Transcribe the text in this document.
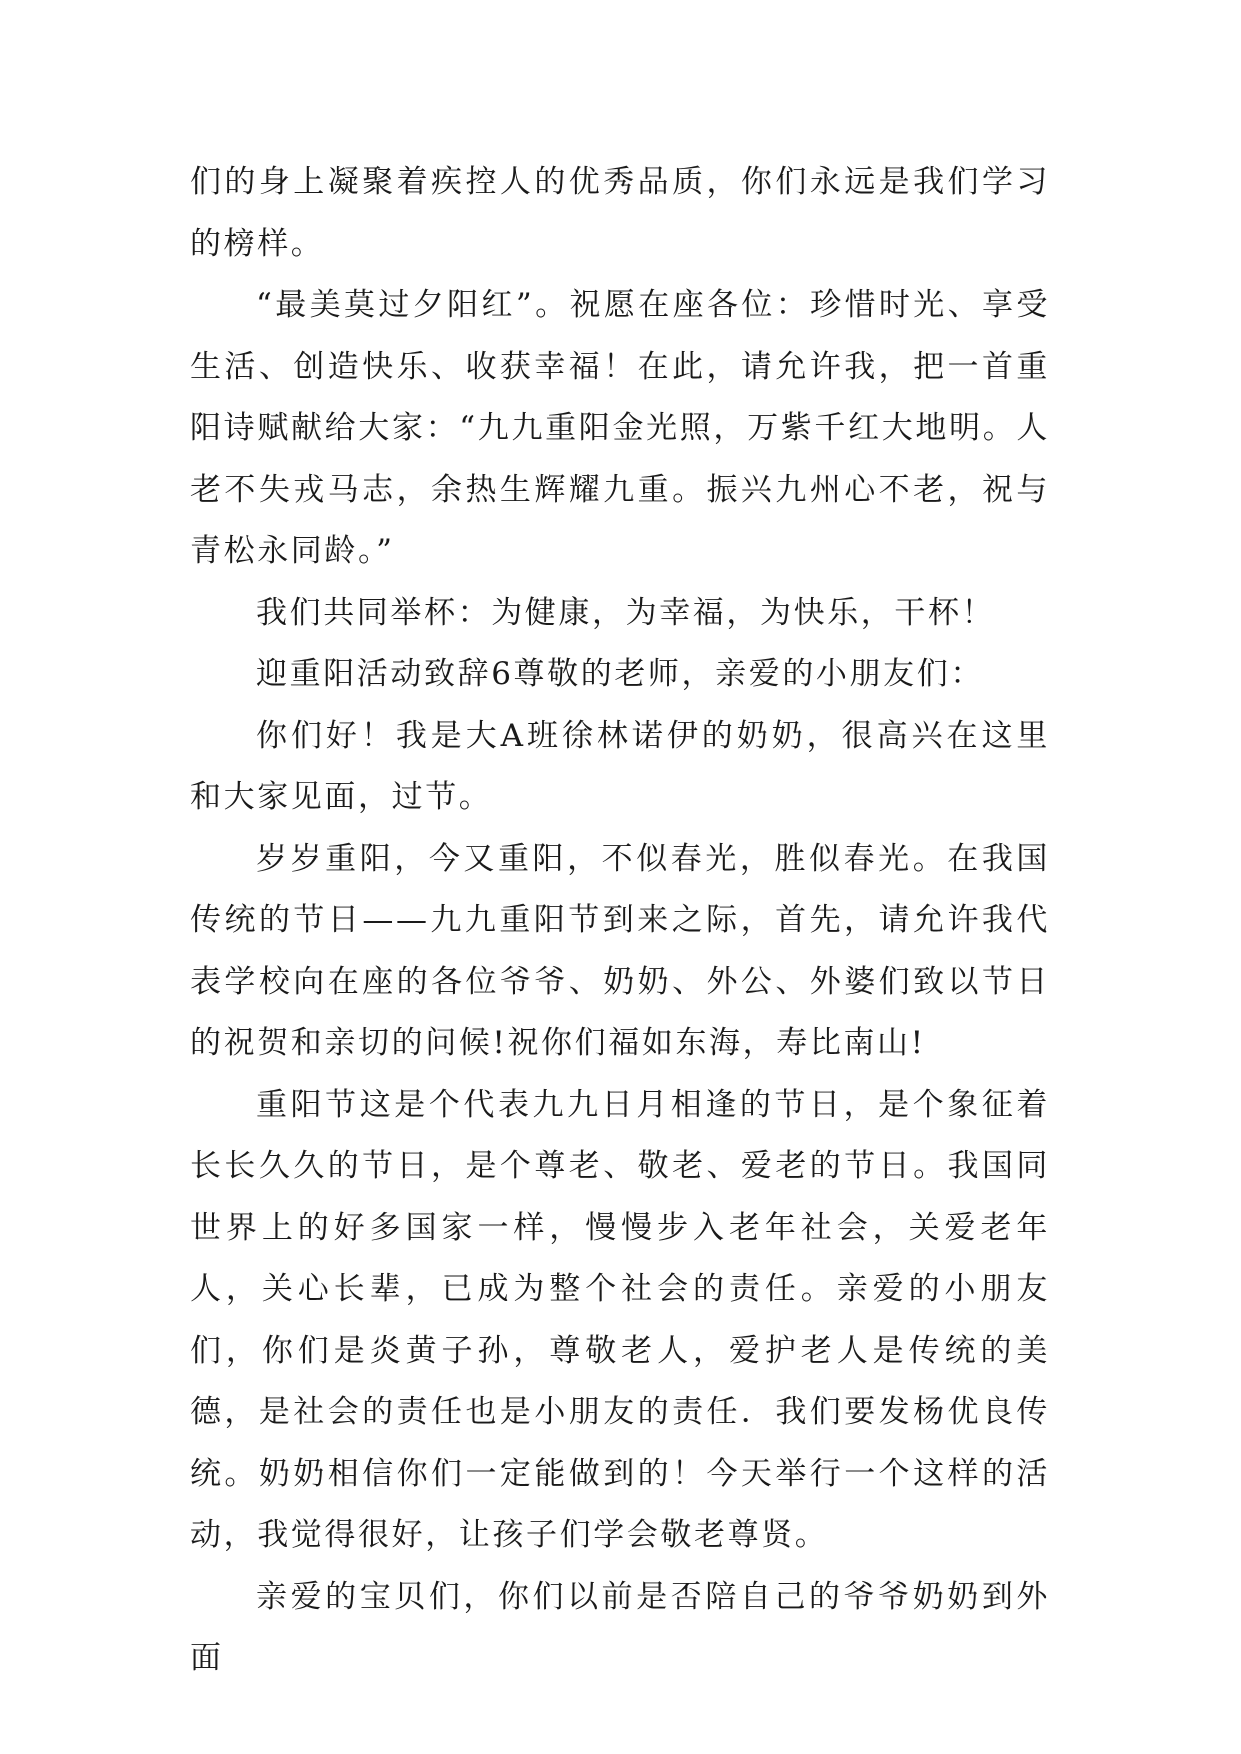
们的身上凝聚着疾控人的优秀品质，你们永远是我们学习的榜样。

“最美莫过夕阳红”。祝愿在座各位：珍惜时光、享受生活、创造快乐、收获幸福！在此，请允许我，把一首重阳诗赋献给大家：“九九重阳金光照，万紫千红大地明。人老不失戎马志，余热生辉耀九重。振兴九州心不老，祝与青松永同龄。”

我们共同举杯：为健康，为幸福，为快乐，干杯！

迎重阳活动致辞6尊敬的老师，亲爱的小朋友们：

你们好！我是大A班徐林诺伊的奶奶，很高兴在这里和大家见面，过节。

岁岁重阳，今又重阳，不似春光，胜似春光。在我国传统的节日——九九重阳节到来之际，首先，请允许我代表学校向在座的各位爷爷、奶奶、外公、外婆们致以节日的祝贺和亲切的问候!祝你们福如东海，寿比南山!

重阳节这是个代表九九日月相逢的节日，是个象征着长长久久的节日，是个尊老、敬老、爱老的节日。我国同世界上的好多国家一样，慢慢步入老年社会，关爱老年人，关心长辈，已成为整个社会的责任。亲爱的小朋友们，你们是炎黄子孙，尊敬老人，爱护老人是传统的美德，是社会的责任也是小朋友的责任．我们要发杨优良传统。奶奶相信你们一定能做到的！今天举行一个这样的活动，我觉得很好，让孩子们学会敬老尊贤。

亲爱的宝贝们，你们以前是否陪自己的爷爷奶奶到外面
